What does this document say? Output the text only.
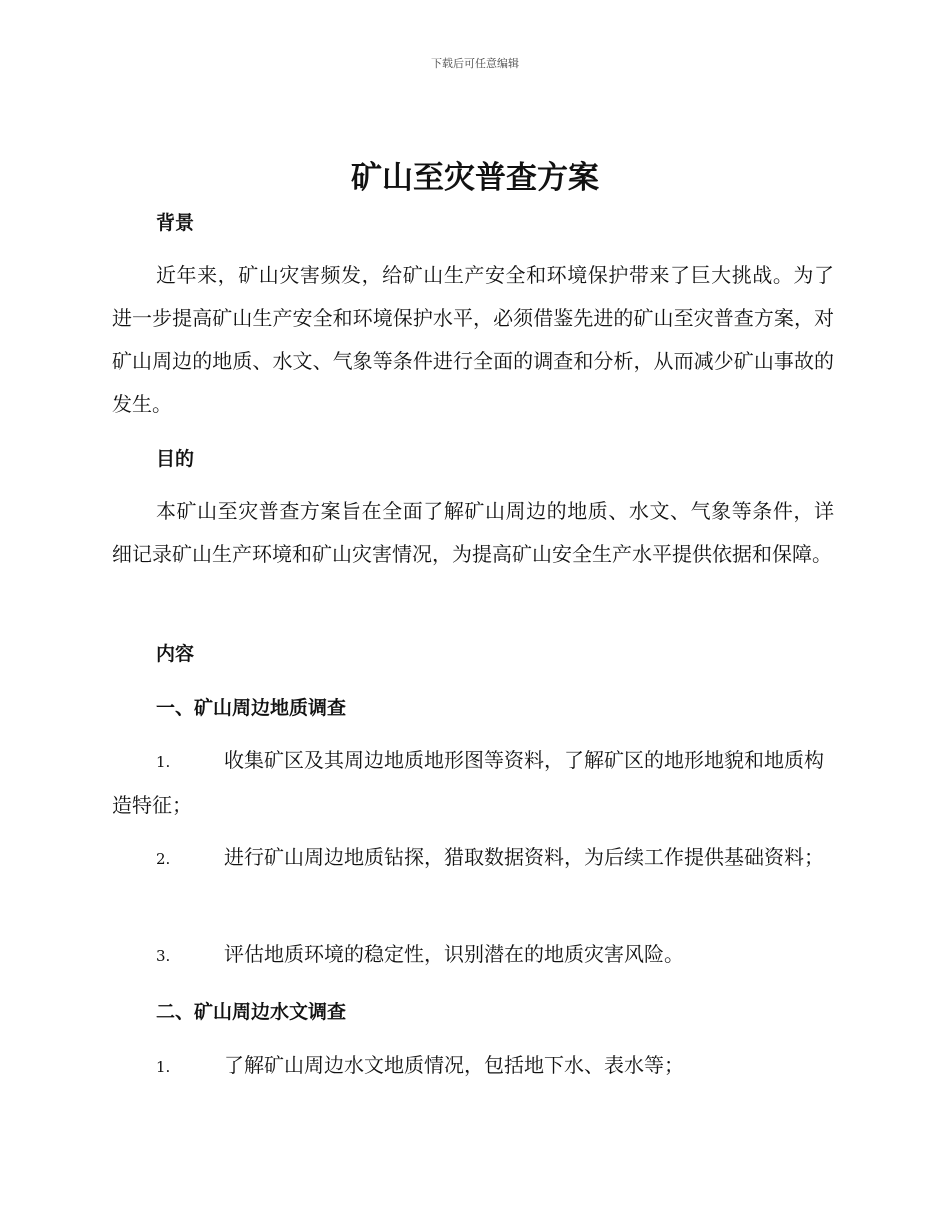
下载后可任意编辑
矿山至灾普查方案
背景
近年来，矿山灾害频发，给矿山生产安全和环境保护带来了巨大挑战。为了进一步提高矿山生产安全和环境保护水平，必须借鉴先进的矿山至灾普查方案，对矿山周边的地质、水文、气象等条件进行全面的调查和分析，从而减少矿山事故的发生。
目的
本矿山至灾普查方案旨在全面了解矿山周边的地质、水文、气象等条件，详细记录矿山生产环境和矿山灾害情况，为提高矿山安全生产水平提供依据和保障。
内容
一、矿山周边地质调查
1.	收集矿区及其周边地质地形图等资料，了解矿区的地形地貌和地质构造特征；
2.	进行矿山周边地质钻探，猎取数据资料，为后续工作提供基础资料；
3.	评估地质环境的稳定性，识别潜在的地质灾害风险。
二、矿山周边水文调查
1.	了解矿山周边水文地质情况，包括地下水、表水等；
